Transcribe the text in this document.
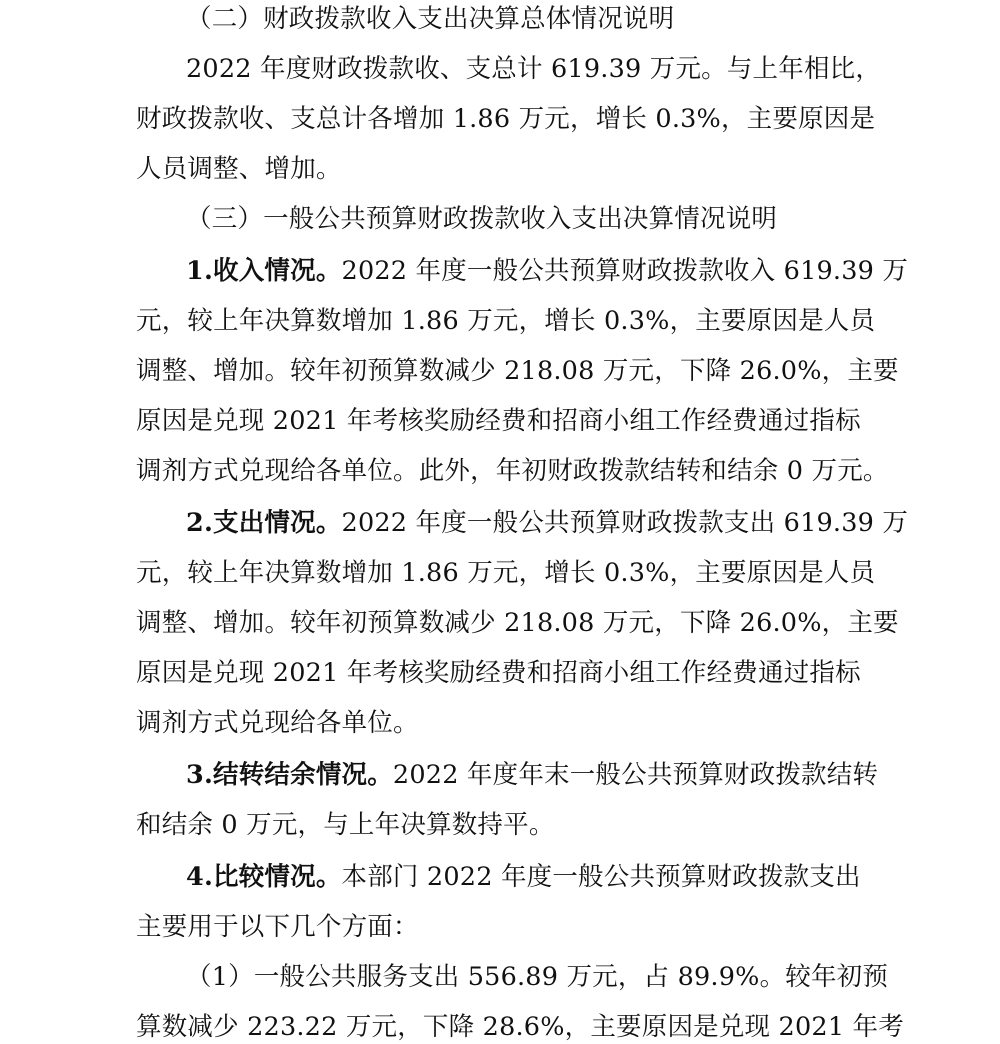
（二）财政拨款收入支出决算总体情况说明
2022 年度财政拨款收、支总计 619.39 万元。与上年相比，
财政拨款收、支总计各增加 1.86 万元，增长 0.3%，主要原因是
人员调整、增加。
（三）一般公共预算财政拨款收入支出决算情况说明
1.收入情况。2022 年度一般公共预算财政拨款收入 619.39 万
元，较上年决算数增加 1.86 万元，增长 0.3%，主要原因是人员
调整、增加。较年初预算数减少 218.08 万元，下降 26.0%，主要
原因是兑现 2021 年考核奖励经费和招商小组工作经费通过指标
调剂方式兑现给各单位。此外，年初财政拨款结转和结余 0 万元。
2.支出情况。2022 年度一般公共预算财政拨款支出 619.39 万
元，较上年决算数增加 1.86 万元，增长 0.3%，主要原因是人员
调整、增加。较年初预算数减少 218.08 万元，下降 26.0%，主要
原因是兑现 2021 年考核奖励经费和招商小组工作经费通过指标
调剂方式兑现给各单位。
3.结转结余情况。2022 年度年末一般公共预算财政拨款结转
和结余 0 万元，与上年决算数持平。
4.比较情况。本部门 2022 年度一般公共预算财政拨款支出
主要用于以下几个方面：
（1）一般公共服务支出 556.89 万元，占 89.9%。较年初预
算数减少 223.22 万元，下降 28.6%，主要原因是兑现 2021 年考
